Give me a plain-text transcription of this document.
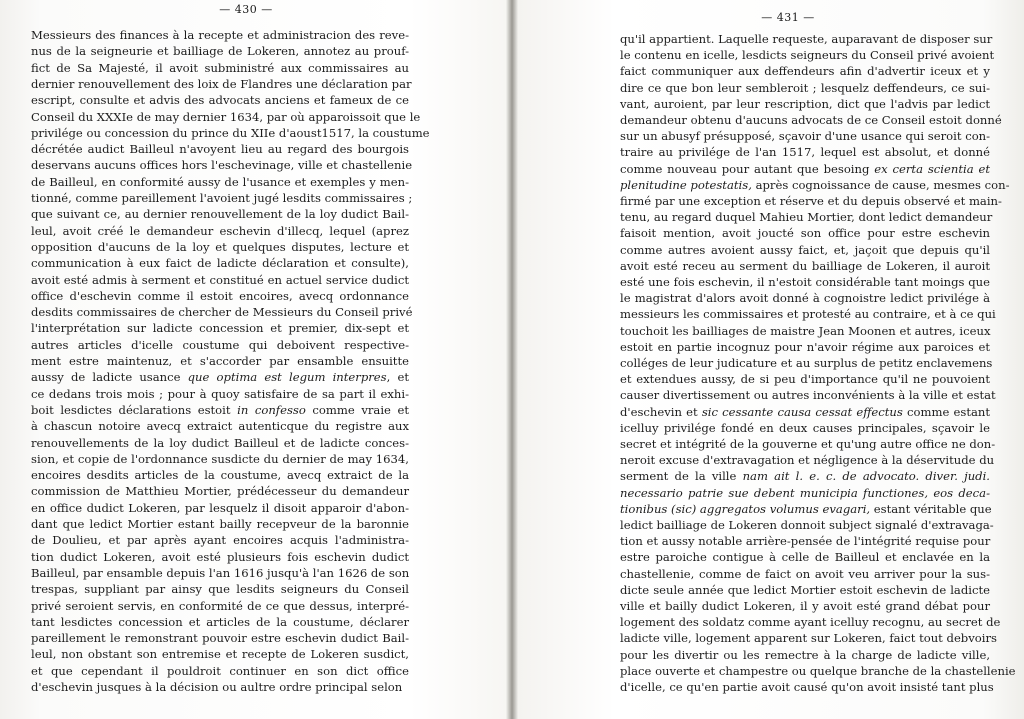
— 430 —
Messieurs des finances à la recepte et administracion des reve-
nus de la seigneurie et bailliage de Lokeren, annotez au prouf-
fict de Sa Majesté, il avoit subministré aux commissaires au
dernier renouvellement des loix de Flandres une déclaration par
escript, consulte et advis des advocats anciens et fameux de ce
Conseil du XXXIe de may dernier 1634, par où apparoissoit que le
privilége ou concession du prince du XIIe d'aoust1517, la coustume
décrétée audict Bailleul n'avoyent lieu au regard des bourgois
deservans aucuns offices hors l'eschevinage, ville et chastellenie
de Bailleul, en conformité aussy de l'usance et exemples y men-
tionné, comme pareillement l'avoient jugé lesdits commissaires ;
que suivant ce, au dernier renouvellement de la loy dudict Bail-
leul, avoit créé le demandeur eschevin d'illecq, lequel (aprez
opposition d'aucuns de la loy et quelques disputes, lecture et
communication à eux faict de ladicte déclaration et consulte),
avoit esté admis à serment et constitué en actuel service dudict
office d'eschevin comme il estoit encoires, avecq ordonnance
desdits commissaires de chercher de Messieurs du Conseil privé
l'interprétation sur ladicte concession et premier, dix-sept et
autres articles d'icelle coustume qui deboivent respective-
ment estre maintenuz, et s'accorder par ensamble ensuitte
aussy de ladicte usance que optima est legum interpres, et
ce dedans trois mois ; pour à quoy satisfaire de sa part il exhi-
boit lesdictes déclarations estoit in confesso comme vraie et
à chascun notoire avecq extraict autenticque du registre aux
renouvellements de la loy dudict Bailleul et de ladicte conces-
sion, et copie de l'ordonnance susdicte du dernier de may 1634,
encoires desdits articles de la coustume, avecq extraict de la
commission de Matthieu Mortier, prédécesseur du demandeur
en office dudict Lokeren, par lesquelz il disoit apparoir d'abon-
dant que ledict Mortier estant bailly recepveur de la baronnie
de Doulieu, et par après ayant encoires acquis l'administra-
tion dudict Lokeren, avoit esté plusieurs fois eschevin dudict
Bailleul, par ensamble depuis l'an 1616 jusqu'à l'an 1626 de son
trespas, suppliant par ainsy que lesdits seigneurs du Conseil
privé seroient servis, en conformité de ce que dessus, interpré-
tant lesdictes concession et articles de la coustume, déclarer
pareillement le remonstrant pouvoir estre eschevin dudict Bail-
leul, non obstant son entremise et recepte de Lokeren susdict,
et que cependant il pouldroit continuer en son dict office
d'eschevin jusques à la décision ou aultre ordre principal selon
— 431 —
qu'il appartient. Laquelle requeste, auparavant de disposer sur
le contenu en icelle, lesdicts seigneurs du Conseil privé avoient
faict communiquer aux deffendeurs afin d'advertir iceux et y
dire ce que bon leur sembleroit ; lesquelz deffendeurs, ce sui-
vant, auroient, par leur rescription, dict que l'advis par ledict
demandeur obtenu d'aucuns advocats de ce Conseil estoit donné
sur un abusyf présupposé, sçavoir d'une usance qui seroit con-
traire au privilége de l'an 1517, lequel est absolut, et donné
comme nouveau pour autant que besoing ex certa scientia et
plenitudine potestatis, après cognoissance de cause, mesmes con-
firmé par une exception et réserve et du depuis observé et main-
tenu, au regard duquel Mahieu Mortier, dont ledict demandeur
faisoit mention, avoit joucté son office pour estre eschevin
comme autres avoient aussy faict, et, jaçoit que depuis qu'il
avoit esté receu au serment du bailliage de Lokeren, il auroit
esté une fois eschevin, il n'estoit considérable tant moings que
le magistrat d'alors avoit donné à cognoistre ledict privilége à
messieurs les commissaires et protesté au contraire, et à ce qui
touchoit les bailliages de maistre Jean Moonen et autres, iceux
estoit en partie incognuz pour n'avoir régime aux paroices et
colléges de leur judicature et au surplus de petitz enclavemens
et extendues aussy, de si peu d'importance qu'il ne pouvoient
causer divertissement ou autres inconvénients à la ville et estat
d'eschevin et sic cessante causa cessat effectus comme estant
icelluy privilége fondé en deux causes principales, sçavoir le
secret et intégrité de la gouverne et qu'ung autre office ne don-
neroit excuse d'extravagation et négligence à la déservitude du
serment de la ville nam ait l. e. c. de advocato. diver. judi.
necessario patrie sue debent municipia functiones, eos deca-
tionibus (sic) aggregatos volumus evagari, estant véritable que
ledict bailliage de Lokeren donnoit subject signalé d'extravaga-
tion et aussy notable arrière-pensée de l'intégrité requise pour
estre paroiche contigue à celle de Bailleul et enclavée en la
chastellenie, comme de faict on avoit veu arriver pour la sus-
dicte seule année que ledict Mortier estoit eschevin de ladicte
ville et bailly dudict Lokeren, il y avoit esté grand débat pour
logement des soldatz comme ayant icelluy recognu, au secret de
ladicte ville, logement apparent sur Lokeren, faict tout debvoirs
pour les divertir ou les remectre à la charge de ladicte ville,
place ouverte et champestre ou quelque branche de la chastellenie
d'icelle, ce qu'en partie avoit causé qu'on avoit insisté tant plus
